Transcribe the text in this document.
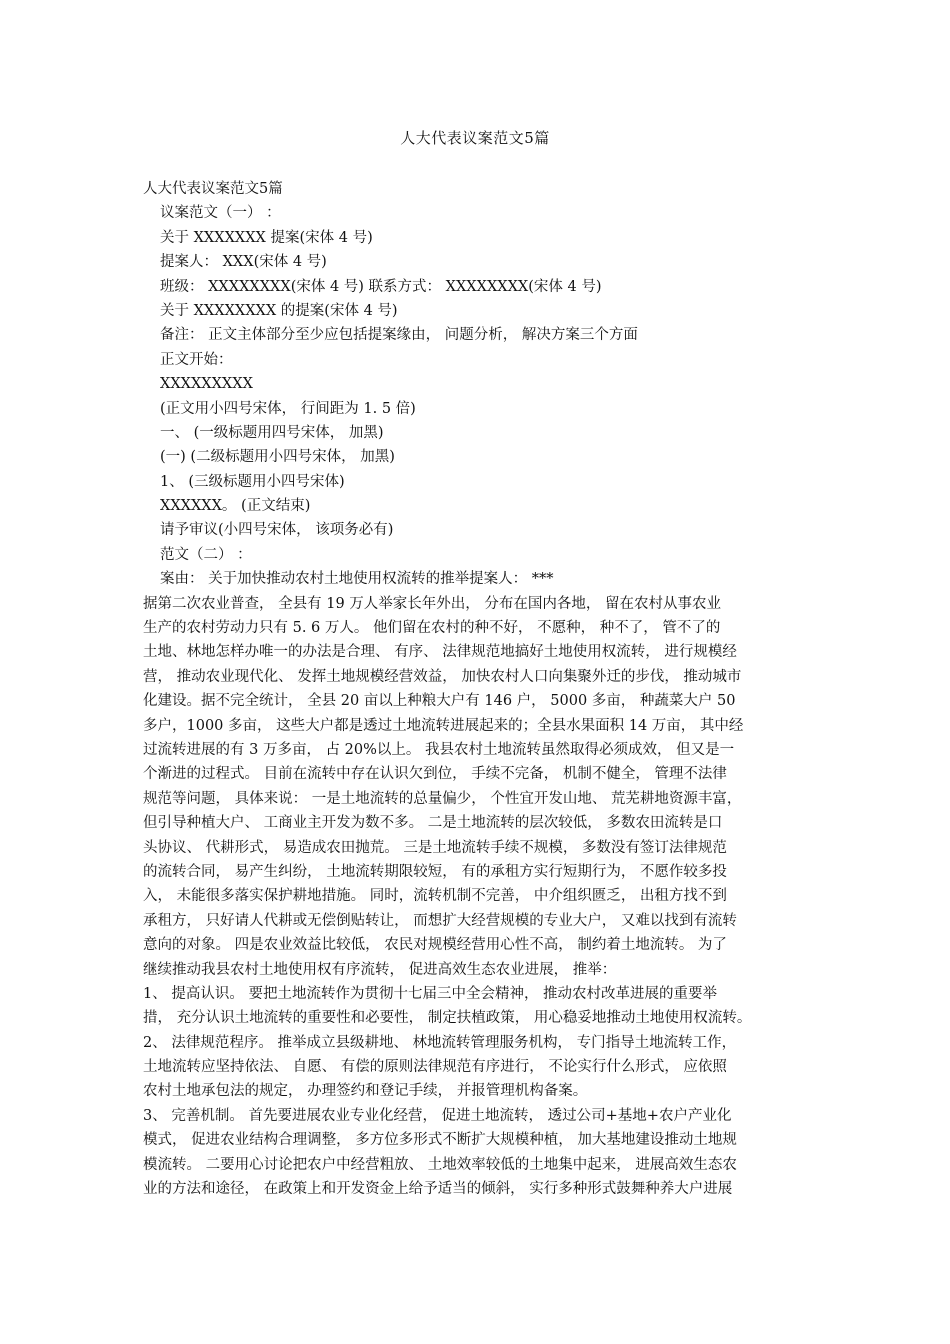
人大代表议案范文5篇
人大代表议案范文5篇
议案范文（一） ：
关于 XXXXXXX 提案(宋体 4 号)
提案人： XXX(宋体 4 号)
班级： XXXXXXXX(宋体 4 号) 联系方式： XXXXXXXX(宋体 4 号)
关于 XXXXXXXX 的提案(宋体 4 号)
备注： 正文主体部分至少应包括提案缘由， 问题分析， 解决方案三个方面
正文开始：
XXXXXXXXX
(正文用小四号宋体， 行间距为 1. 5 倍)
一、 (一级标题用四号宋体， 加黑)
(一) (二级标题用小四号宋体， 加黑)
1、 (三级标题用小四号宋体)
XXXXXX。 (正文结束)
请予审议(小四号宋体， 该项务必有)
范文（二） ：
案由： 关于加快推动农村土地使用权流转的推举提案人： ***
据第二次农业普查， 全县有 19 万人举家长年外出， 分布在国内各地， 留在农村从事农业
生产的农村劳动力只有 5. 6 万人。 他们留在农村的种不好， 不愿种， 种不了， 管不了的
土地、林地怎样办唯一的办法是合理、 有序、 法律规范地搞好土地使用权流转， 进行规模经
营， 推动农业现代化、 发挥土地规模经营效益， 加快农村人口向集聚外迁的步伐， 推动城市
化建设。据不完全统计， 全县 20 亩以上种粮大户有 146 户， 5000 多亩， 种蔬菜大户 50
多户，1000 多亩， 这些大户都是透过土地流转进展起来的；全县水果面积 14 万亩， 其中经
过流转进展的有 3 万多亩， 占 20%以上。 我县农村土地流转虽然取得必须成效， 但又是一
个渐进的过程式。 目前在流转中存在认识欠到位， 手续不完备， 机制不健全， 管理不法律
规范等问题， 具体来说： 一是土地流转的总量偏少， 个性宜开发山地、 荒芜耕地资源丰富，
但引导种植大户、 工商业主开发为数不多。 二是土地流转的层次较低， 多数农田流转是口
头协议、 代耕形式， 易造成农田抛荒。 三是土地流转手续不规模， 多数没有签订法律规范
的流转合同， 易产生纠纷， 土地流转期限较短， 有的承租方实行短期行为， 不愿作较多投
入， 未能很多落实保护耕地措施。 同时，流转机制不完善， 中介组织匮乏， 出租方找不到
承租方， 只好请人代耕或无偿倒贴转让， 而想扩大经营规模的专业大户， 又难以找到有流转
意向的对象。 四是农业效益比较低， 农民对规模经营用心性不高， 制约着土地流转。 为了
继续推动我县农村土地使用权有序流转， 促进高效生态农业进展， 推举：
1、 提高认识。 要把土地流转作为贯彻十七届三中全会精神， 推动农村改革进展的重要举
措， 充分认识土地流转的重要性和必要性， 制定扶植政策， 用心稳妥地推动土地使用权流转。
2、 法律规范程序。 推举成立县级耕地、 林地流转管理服务机构， 专门指导土地流转工作，
土地流转应坚持依法、 自愿、 有偿的原则法律规范有序进行， 不论实行什么形式， 应依照
农村土地承包法的规定， 办理签约和登记手续， 并报管理机构备案。
3、 完善机制。 首先要进展农业专业化经营， 促进土地流转， 透过公司+基地+农户产业化
模式， 促进农业结构合理调整， 多方位多形式不断扩大规模种植， 加大基地建设推动土地规
模流转。 二要用心讨论把农户中经营粗放、 土地效率较低的土地集中起来， 进展高效生态农
业的方法和途径， 在政策上和开发资金上给予适当的倾斜， 实行多种形式鼓舞种养大户进展
